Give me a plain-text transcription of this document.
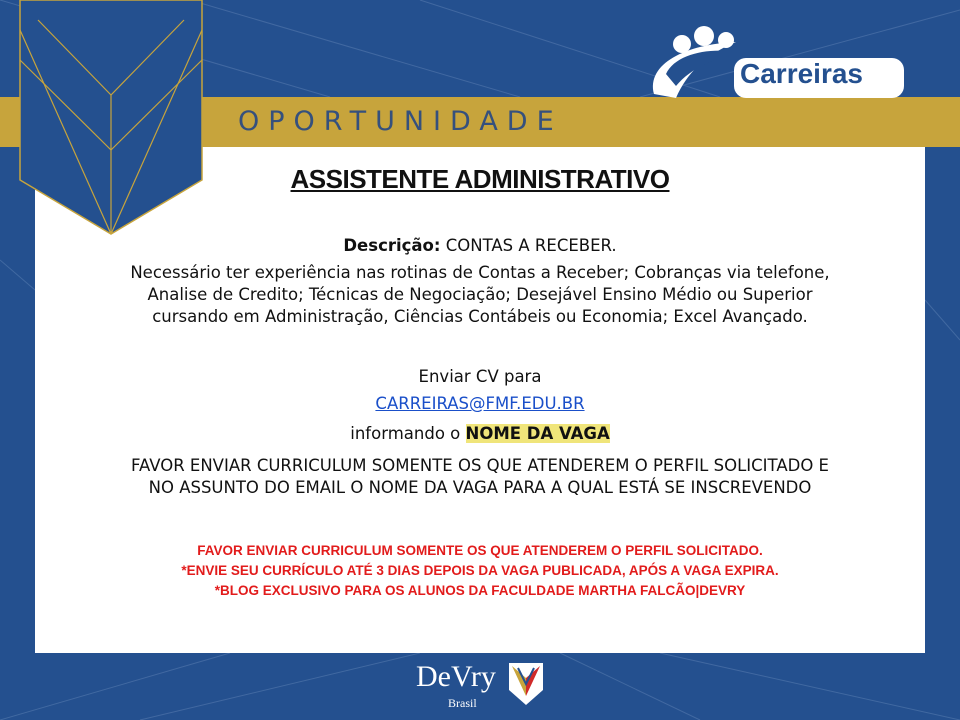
OPORTUNIDADE
ASSISTENTE ADMINISTRATIVO
Descrição: CONTAS A RECEBER.
Necessário ter experiência nas rotinas de Contas a Receber; Cobranças via telefone,
Analise de Credito; Técnicas de Negociação; Desejável Ensino Médio ou Superior
cursando em Administração, Ciências Contábeis ou Economia; Excel Avançado.
Enviar CV para
CARREIRAS@FMF.EDU.BR
informando o NOME DA VAGA
FAVOR ENVIAR CURRICULUM SOMENTE OS QUE ATENDEREM O PERFIL SOLICITADO E
NO ASSUNTO DO EMAIL O NOME DA VAGA PARA A QUAL ESTÁ SE INSCREVENDO
FAVOR ENVIAR CURRICULUM SOMENTE OS QUE ATENDEREM O PERFIL SOLICITADO.
*ENVIE SEU CURRÍCULO ATÉ 3 DIAS DEPOIS DA VAGA PUBLICADA, APÓS A VAGA EXPIRA.
*BLOG EXCLUSIVO PARA OS ALUNOS DA FACULDADE MARTHA FALCÃO|DEVRY
Carreiras
DeVry
Brasil
